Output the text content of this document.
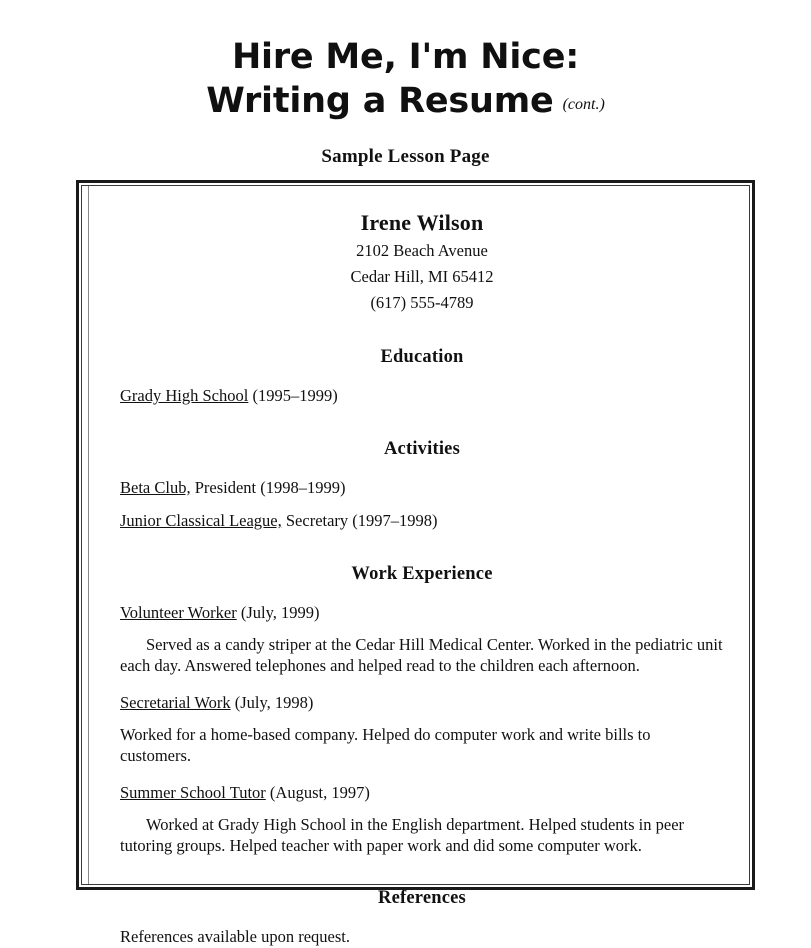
Hire Me, I'm Nice:
Writing a Resume (cont.)
Sample Lesson Page
Irene Wilson
2102 Beach Avenue
Cedar Hill, MI 65412
(617) 555-4789
Education

Grady High School (1995–1999)

Activities

Beta Club, President (1998–1999)

Junior Classical League, Secretary (1997–1998)

Work Experience

Volunteer Worker (July, 1999)

Served as a candy striper at the Cedar Hill Medical Center. Worked in the pediatric unit each day. Answered telephones and helped read to the children each afternoon.

Secretarial Work (July, 1998)

Worked for a home-based company. Helped do computer work and write bills to customers.

Summer School Tutor (August, 1997)

Worked at Grady High School in the English department. Helped students in peer tutoring groups. Helped teacher with paper work and did some computer work.

References

References available upon request.
